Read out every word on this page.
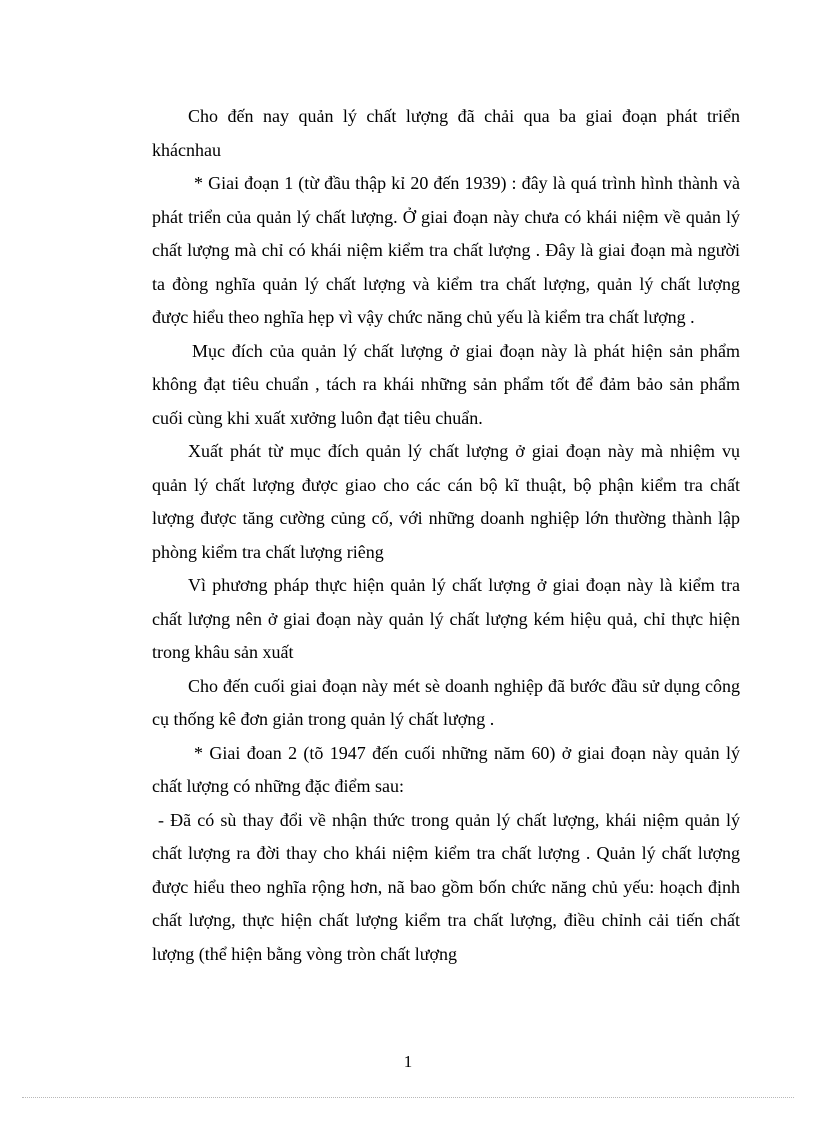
Cho đến nay quản lý chất lượng đã chải qua ba giai đoạn phát triển khácnhau

* Giai đoạn 1 (từ đầu thập kỉ 20 đến 1939) : đây là quá trình hình thành và phát triển của quản lý chất lượng. Ở giai đoạn này chưa có khái niệm về quản lý chất lượng mà chỉ có khái niệm kiểm tra chất lượng . Đây là giai đoạn mà người ta đòng nghĩa quản lý chất lượng và kiểm tra chất lượng, quản lý chất lượng được hiểu theo nghĩa hẹp vì vậy chức năng chủ yếu là kiểm tra chất lượng .

Mục đích của quản lý chất lượng ở giai đoạn này là phát hiện sản phẩm không đạt tiêu chuẩn , tách ra khái những sản phẩm tốt để đảm bảo sản phẩm cuối cùng khi xuất xưởng luôn đạt tiêu chuẩn.

Xuất phát từ mục đích quản lý chất lượng ở giai đoạn này mà nhiệm vụ quản lý chất lượng được giao cho các cán bộ kĩ thuật, bộ phận kiểm tra chất lượng được tăng cường củng cố, với những doanh nghiệp lớn thường thành lập phòng kiểm tra chất lượng riêng

Vì phương pháp thực hiện quản lý chất lượng ở giai đoạn này là kiểm tra chất lượng nên ở giai đoạn này quản lý chất lượng kém hiệu quả, chỉ thực hiện trong khâu sản xuất

Cho đến cuối giai đoạn này mét sè doanh nghiệp đã bước đầu sử dụng công cụ thống kê đơn giản trong quản lý chất lượng .

* Giai đoan 2 (tõ 1947 đến cuối những năm 60) ở giai đoạn này quản lý chất lượng có những đặc điểm sau:

- Đã có sù thay đổi về nhận thức trong quản lý chất lượng, khái niệm quản lý chất lượng ra đời thay cho khái niệm kiểm tra chất lượng . Quản lý chất lượng được hiểu theo nghĩa rộng hơn, nã bao gồm bốn chức năng chủ yếu: hoạch định chất lượng, thực hiện chất lượng kiểm tra chất lượng, điều chỉnh cải tiến chất lượng (thể hiện bằng vòng tròn chất lượng

1
